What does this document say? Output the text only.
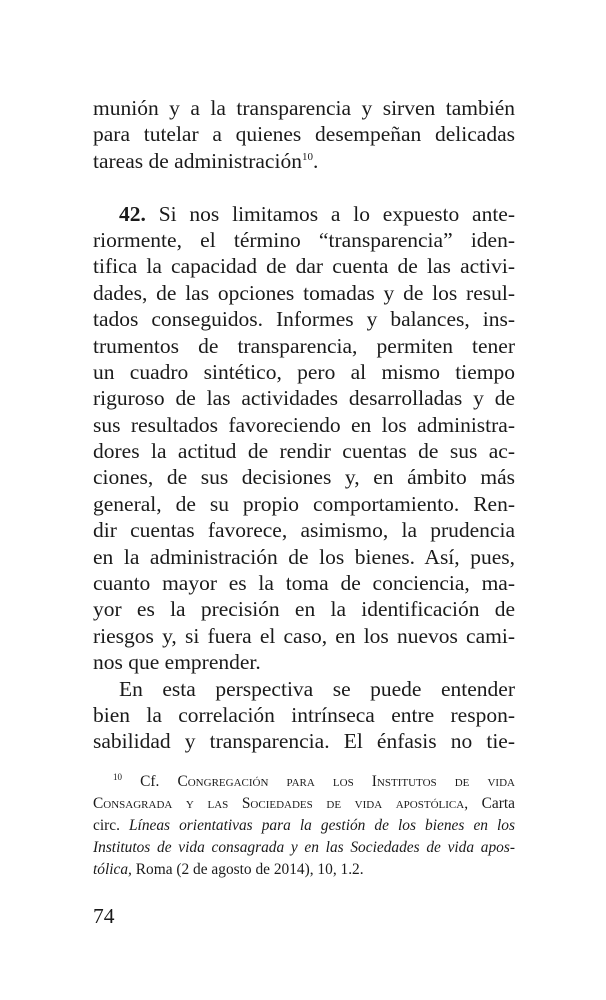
munión y a la transparencia y sirven también
para tutelar a quienes desempeñan delicadas
tareas de administración$^{10}$.
42. Si nos limitamos a lo expuesto ante-
riormente, el término “transparencia” iden-
tifica la capacidad de dar cuenta de las activi-
dades, de las opciones tomadas y de los resul-
tados conseguidos. Informes y balances, ins-
trumentos de transparencia, permiten tener
un cuadro sintético, pero al mismo tiempo
riguroso de las actividades desarrolladas y de
sus resultados favoreciendo en los administra-
dores la actitud de rendir cuentas de sus ac-
ciones, de sus decisiones y, en ámbito más
general, de su propio comportamiento. Ren-
dir cuentas favorece, asimismo, la prudencia
en la administración de los bienes. Así, pues,
cuanto mayor es la toma de conciencia, ma-
yor es la precisión en la identificación de
riesgos y, si fuera el caso, en los nuevos cami-
nos que emprender.
En esta perspectiva se puede entender
bien la correlación intrínseca entre respon-
sabilidad y transparencia. El énfasis no tie-
$^{10}$ Cf. Congregación para los Institutos de vida
Consagrada y las Sociedades de vida apostólica, Carta
circ. Líneas orientativas para la gestión de los bienes en los
Institutos de vida consagrada y en las Sociedades de vida apos-
tólica, Roma (2 de agosto de 2014), 10, 1.2.
74
